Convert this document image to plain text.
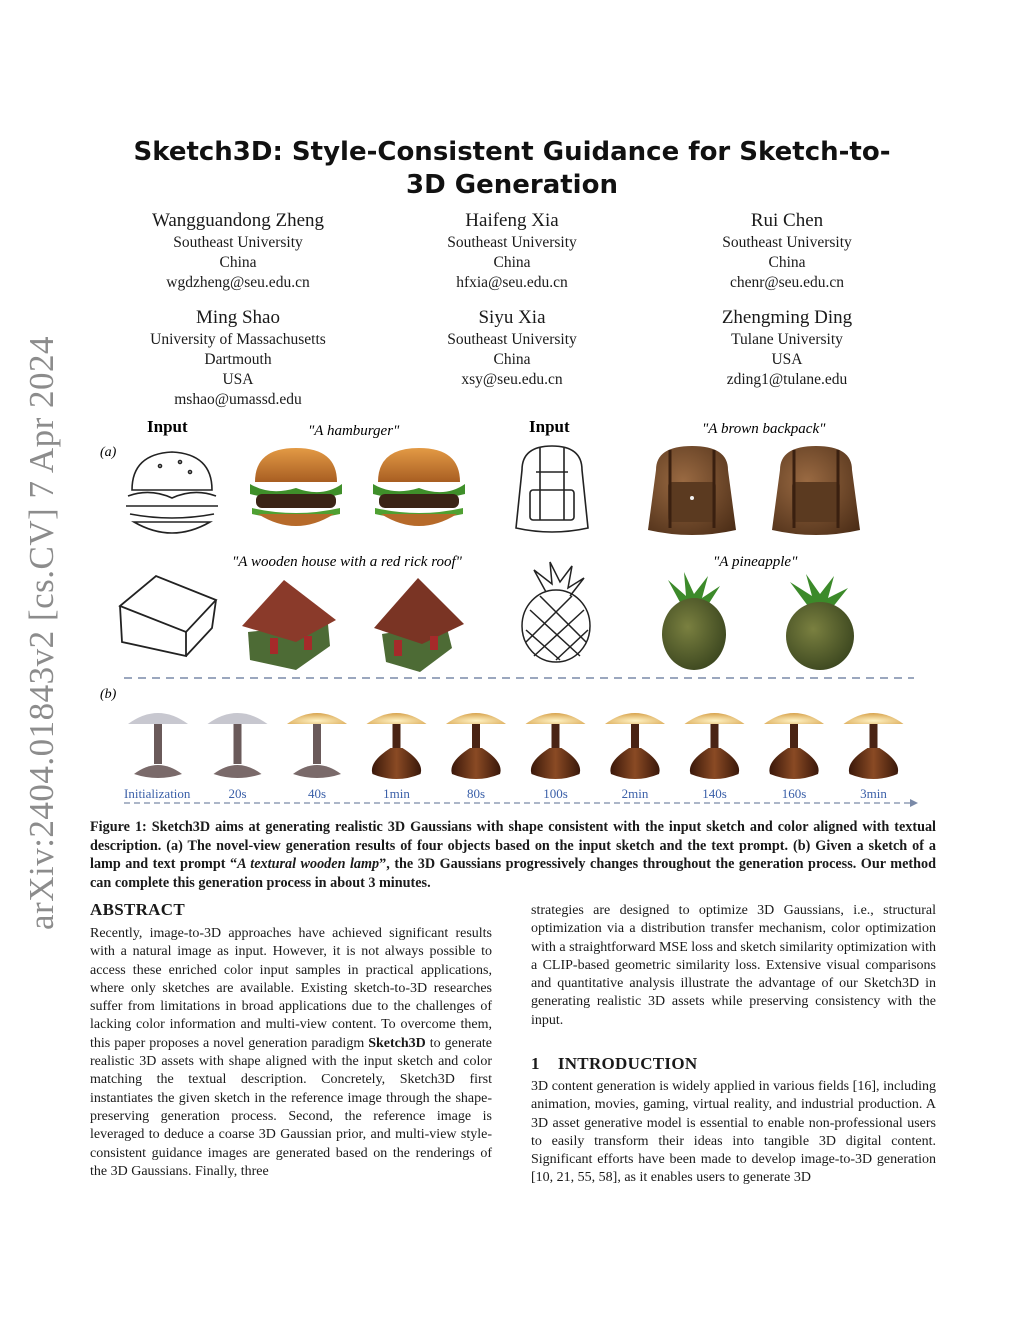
arXiv:2404.01843v2 [cs.CV] 7 Apr 2024
Sketch3D: Style-Consistent Guidance for Sketch-to-3D Generation
Wangguandong Zheng
Southeast University
China
wgdzheng@seu.edu.cn
Haifeng Xia
Southeast University
China
hfxia@seu.edu.cn
Rui Chen
Southeast University
China
chenr@seu.edu.cn
Ming Shao
University of Massachusetts
Dartmouth
USA
mshao@umassd.edu
Siyu Xia
Southeast University
China
xsy@seu.edu.cn
Zhengming Ding
Tulane University
USA
zding1@tulane.edu
(a)
(b)
Input	"A hamburger"	Input	"A brown backpack"
"A wooden house with a red rick roof"	"A pineapple"
Initialization	20s	40s	1min	80s	100s	2min	140s	160s	3min
Figure 1: Sketch3D aims at generating realistic 3D Gaussians with shape consistent with the input sketch and color aligned with textual description. (a) The novel-view generation results of four objects based on the input sketch and the text prompt. (b) Given a sketch of a lamp and text prompt “A textural wooden lamp”, the 3D Gaussians progressively changes throughout the generation process. Our method can complete this generation process in about 3 minutes.
ABSTRACT
Recently, image-to-3D approaches have achieved significant results with a natural image as input. However, it is not always possible to access these enriched color input samples in practical applications, where only sketches are available. Existing sketch-to-3D researches suffer from limitations in broad applications due to the challenges of lacking color information and multi-view content. To overcome them, this paper proposes a novel generation paradigm Sketch3D to generate realistic 3D assets with shape aligned with the input sketch and color matching the textual description. Concretely, Sketch3D first instantiates the given sketch in the reference image through the shape-preserving generation process. Second, the reference image is leveraged to deduce a coarse 3D Gaussian prior, and multi-view style-consistent guidance images are generated based on the renderings of the 3D Gaussians. Finally, three
strategies are designed to optimize 3D Gaussians, i.e., structural optimization via a distribution transfer mechanism, color optimization with a straightforward MSE loss and sketch similarity optimization with a CLIP-based geometric similarity loss. Extensive visual comparisons and quantitative analysis illustrate the advantage of our Sketch3D in generating realistic 3D assets while preserving consistency with the input.
1 INTRODUCTION
3D content generation is widely applied in various fields [16], including animation, movies, gaming, virtual reality, and industrial production. A 3D asset generative model is essential to enable non-professional users to easily transform their ideas into tangible 3D digital content. Significant efforts have been made to develop image-to-3D generation [10, 21, 55, 58], as it enables users to generate 3D
